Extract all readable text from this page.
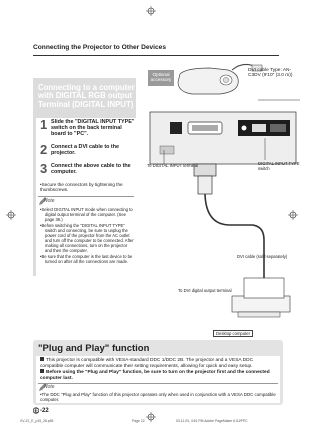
Connecting the Projector to Other Devices
Connecting to a computer with DIGITAL RGB output Terminal (DIGITAL INPUT)
1 Slide the "DIGITAL INPUT TYPE" switch on the back terminal board to "PC".
2 Connect a DVI cable to the projector.
3 Connect the above cable to the computer.
•Secure the connectors by tightening the thumbscrews.
Note
•Select DIGITAL INPUT mode when connecting to digital output terminal of the computer. (See page 36.)
•Before switching the "DIGITAL INPUT TYPE" switch and connecting, be sure to unplug the power cord of the projector from the AC outlet and turn off the computer to be connected. After making all connections, turn on the projector and then the computer.
•Be sure that the computer is the last device to be turned on after all the connections are made.
Optional accessory
DVI cable Type: AN-C3DV (9'10" (3.0 m))
To DIGITAL INPUT terminal	DIGITAL INPUT TYPE switch
DVI cable (sold separately)
To DVI digital output terminal
Desktop computer
"Plug and Play" function
This projector is compatible with VESA-standard DDC 1/DDC 2B. The projector and a VESA DDC compatible computer will communicate their setting requirements, allowing for quick and easy setup.
Before using the "Plug and Play" function, be sure to turn on the projector first and the connected computer last.
Note
•The DDC "Plug and Play" function of this projector operates only when used in conjunction with a VESA DDC compatible computer.
E -22
XV-Z1_E_p15_28.p65	Page 22	03.11.03, 4:51 PM Adobe PageMaker 6.5J/PPC
